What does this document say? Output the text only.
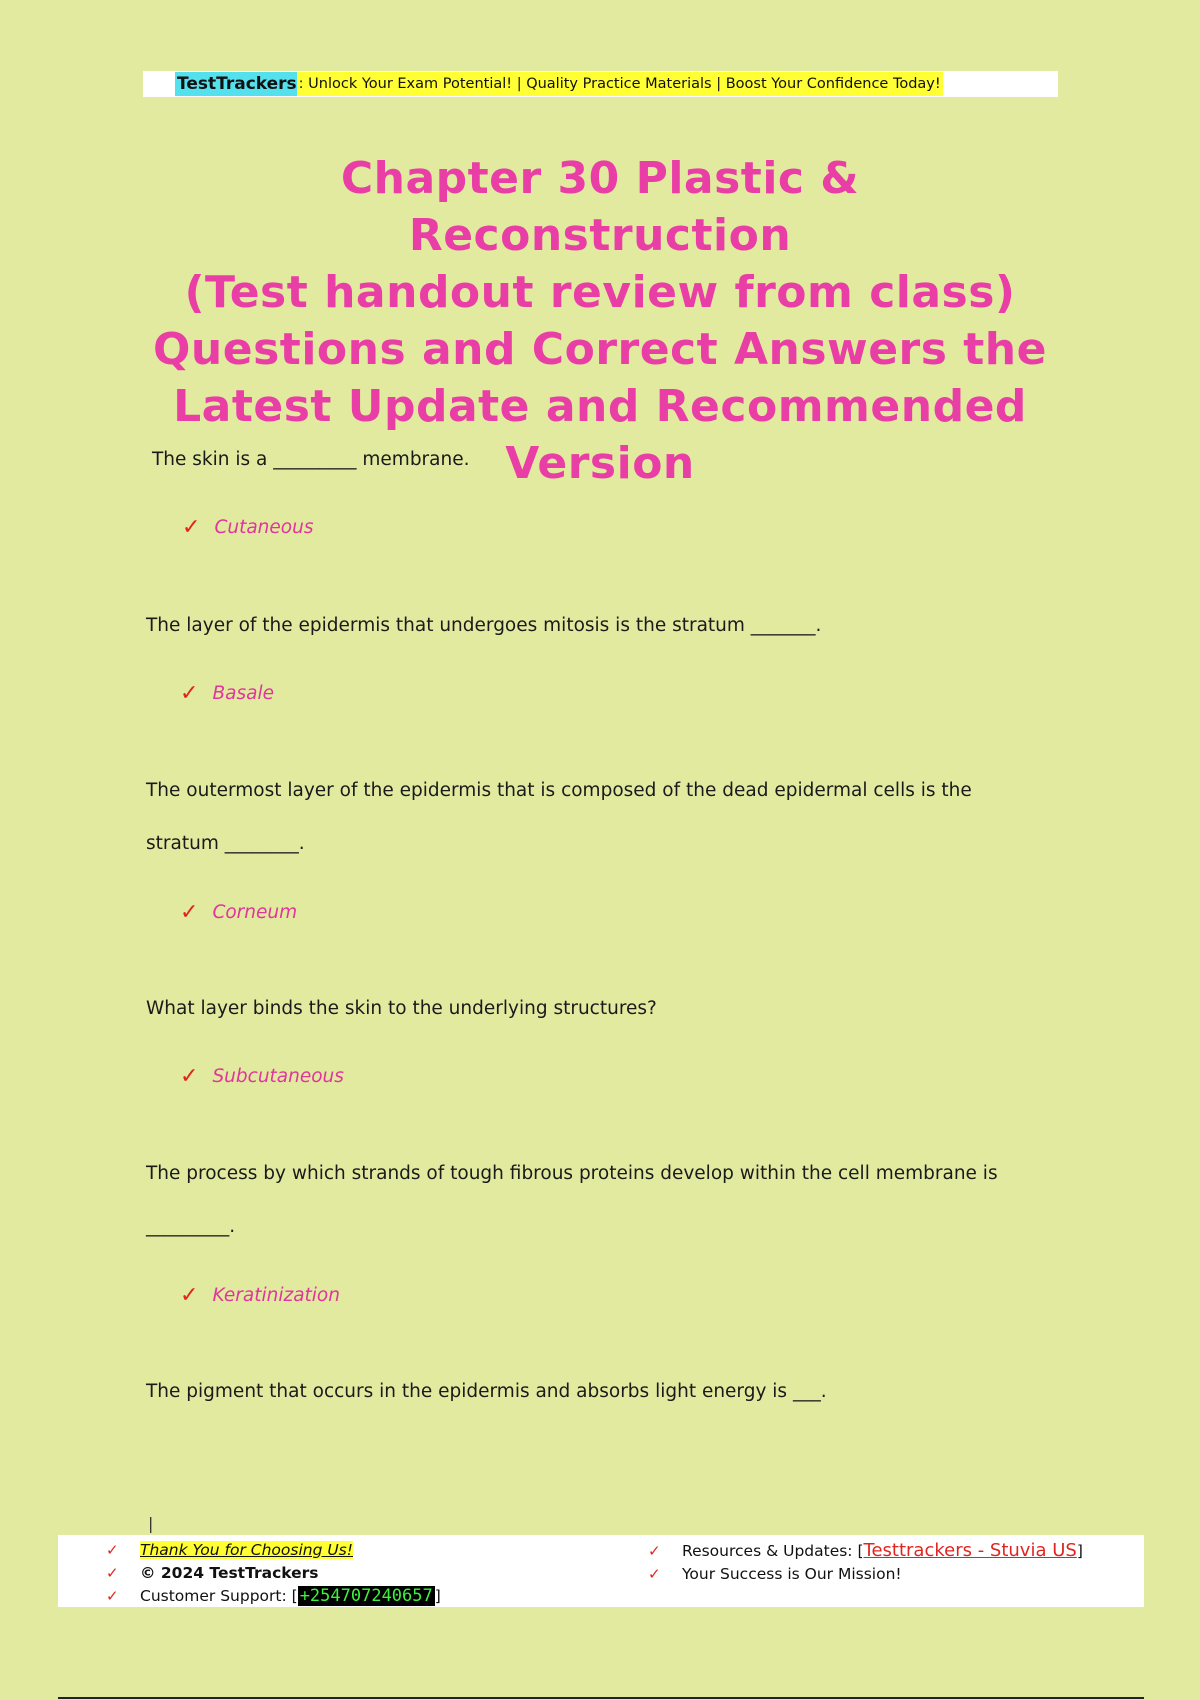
TestTrackers : Unlock Your Exam Potential! | Quality Practice Materials | Boost Your Confidence Today!
Chapter 30 Plastic & Reconstruction
(Test handout review from class)
Questions and Correct Answers the
Latest Update and Recommended
Version
The skin is a _________ membrane.
✓ Cutaneous
The layer of the epidermis that undergoes mitosis is the stratum _______.
✓ Basale
The outermost layer of the epidermis that is composed of the dead epidermal cells is the
stratum ________.
✓ Corneum
What layer binds the skin to the underlying structures?
✓ Subcutaneous
The process by which strands of tough fibrous proteins develop within the cell membrane is
_________.
✓ Keratinization
The pigment that occurs in the epidermis and absorbs light energy is ___.
|
✓	Thank You for Choosing Us!
✓	© 2024 TestTrackers
✓	Customer Support: [ +254707240657 ]
✓	Resources & Updates: [ Testtrackers - Stuvia US ]
✓	Your Success is Our Mission!
